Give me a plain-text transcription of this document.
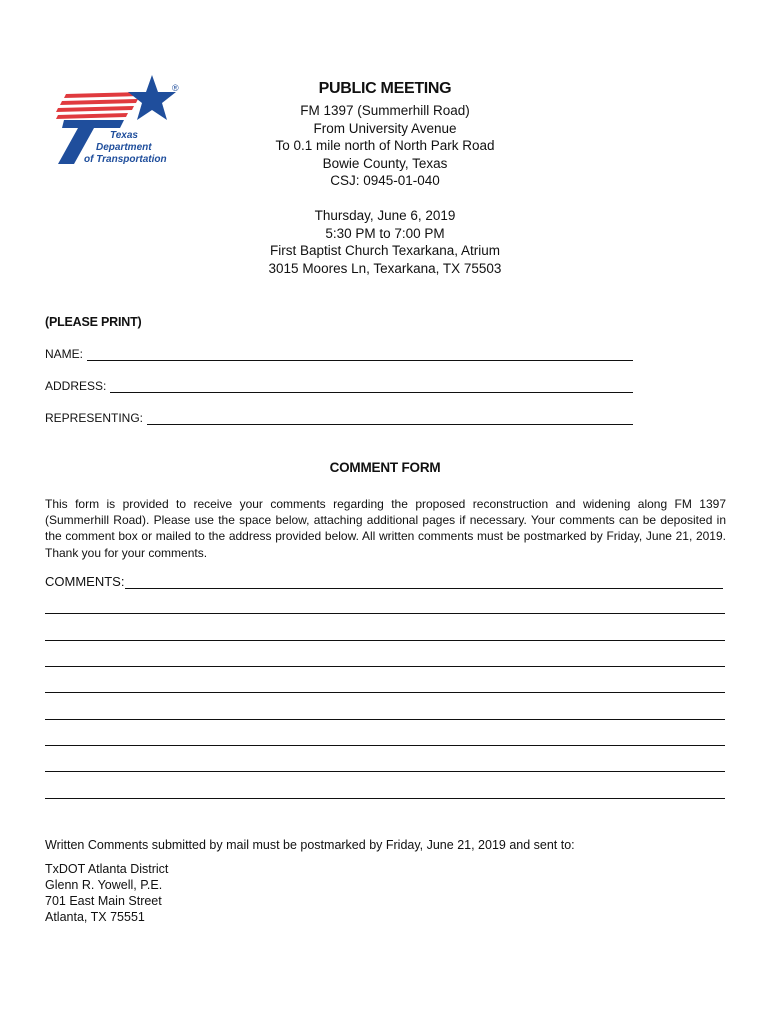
®
Texas
Department
of Transportation
PUBLIC MEETING
FM 1397 (Summerhill Road)
From University Avenue
To 0.1 mile north of North Park Road
Bowie County, Texas
CSJ: 0945-01-040
Thursday, June 6, 2019
5:30 PM to 7:00 PM
First Baptist Church Texarkana, Atrium
3015 Moores Ln, Texarkana, TX 75503
(PLEASE PRINT)
NAME:
ADDRESS:
REPRESENTING:
COMMENT FORM
This form is provided to receive your comments regarding the proposed reconstruction and widening along FM 1397 (Summerhill Road). Please use the space below, attaching additional pages if necessary. Your comments can be deposited in the comment box or mailed to the address provided below. All written comments must be postmarked by Friday, June 21, 2019. Thank you for your comments.
COMMENTS:
Written Comments submitted by mail must be postmarked by Friday, June 21, 2019 and sent to:
TxDOT Atlanta District
Glenn R. Yowell, P.E.
701 East Main Street
Atlanta, TX 75551
